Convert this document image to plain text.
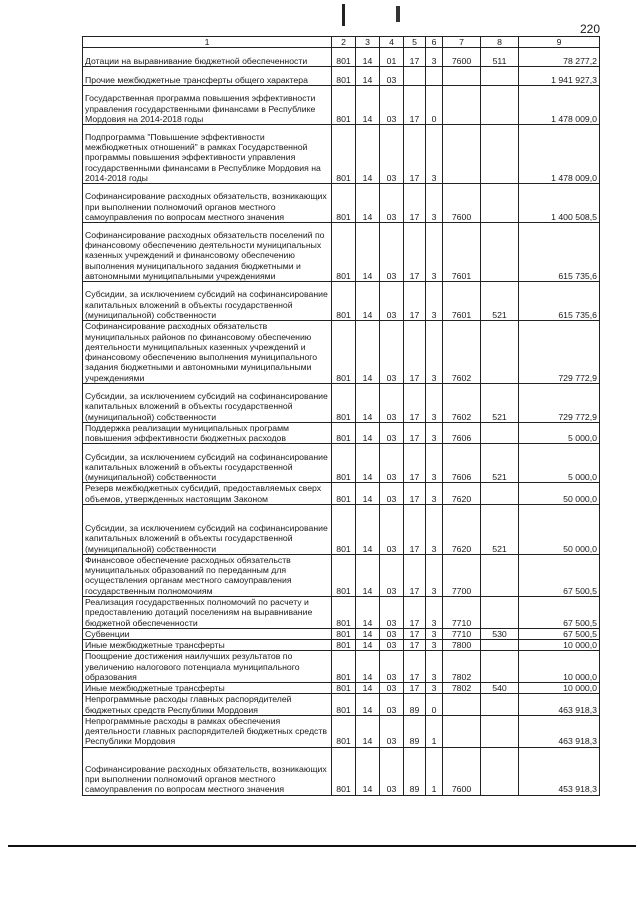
220
1	2	3	4	5	6	7	8	9
Дотации на выравнивание бюджетной обеспеченности	801	14	01	17	3	7600	511	78 277,2
Прочие межбюджетные трансферты общего характера	801	14	03					1 941 927,3
Государственная программа повышения эффективности управления государственными финансами в Республике Мордовия на 2014-2018 годы	801	14	03	17	0			1 478 009,0
Подпрограмма "Повышение эффективности межбюджетных отношений" в рамках Государственной программы повышения эффективности управления государственными финансами в Республике Мордовия на 2014-2018 годы	801	14	03	17	3			1 478 009,0
Софинансирование расходных обязательств, возникающих при выполнении полномочий органов местного самоуправления по вопросам местного значения	801	14	03	17	3	7600		1 400 508,5
Софинансирование расходных обязательств поселений по финансовому обеспечению деятельности муниципальных казенных учреждений и финансовому обеспечению выполнения муниципального задания бюджетными и автономными муниципальными учреждениями	801	14	03	17	3	7601		615 735,6
Субсидии, за исключением субсидий на софинансирование капитальных вложений в объекты государственной (муниципальной) собственности	801	14	03	17	3	7601	521	615 735,6
Софинансирование расходных обязательств муниципальных районов по финансовому обеспечению деятельности муниципальных казенных учреждений и финансовому обеспечению выполнения муниципального задания бюджетными и автономными муниципальными учреждениями	801	14	03	17	3	7602		729 772,9
Субсидии, за исключением субсидий на софинансирование капитальных вложений в объекты государственной (муниципальной) собственности	801	14	03	17	3	7602	521	729 772,9
Поддержка реализации муниципальных программ повышения эффективности бюджетных расходов	801	14	03	17	3	7606		5 000,0
Субсидии, за исключением субсидий на софинансирование капитальных вложений в объекты государственной (муниципальной) собственности	801	14	03	17	3	7606	521	5 000,0
Резерв межбюджетных субсидий, предоставляемых сверх объемов, утвержденных настоящим Законом	801	14	03	17	3	7620		50 000,0
Субсидии, за исключением субсидий на софинансирование капитальных вложений в объекты государственной (муниципальной) собственности	801	14	03	17	3	7620	521	50 000,0
Финансовое обеспечение расходных обязательств муниципальных образований по переданным для осуществления органам местного самоуправления государственным полномочиям	801	14	03	17	3	7700		67 500,5
Реализация государственных полномочий по расчету и предоставлению дотаций поселениям на выравнивание бюджетной обеспеченности	801	14	03	17	3	7710		67 500,5
Субвенции	801	14	03	17	3	7710	530	67 500,5
Иные межбюджетные трансферты	801	14	03	17	3	7800		10 000,0
Поощрение достижения наилучших результатов по увеличению налогового потенциала муниципального образования	801	14	03	17	3	7802		10 000,0
Иные межбюджетные трансферты	801	14	03	17	3	7802	540	10 000,0
Непрограммные расходы главных распорядителей бюджетных средств Республики Мордовия	801	14	03	89	0			463 918,3
Непрограммные расходы в рамках обеспечения деятельности главных распорядителей бюджетных средств Республики Мордовия	801	14	03	89	1			463 918,3
Софинансирование расходных обязательств, возникающих при выполнении полномочий органов местного самоуправления по вопросам местного значения	801	14	03	89	1	7600		453 918,3
